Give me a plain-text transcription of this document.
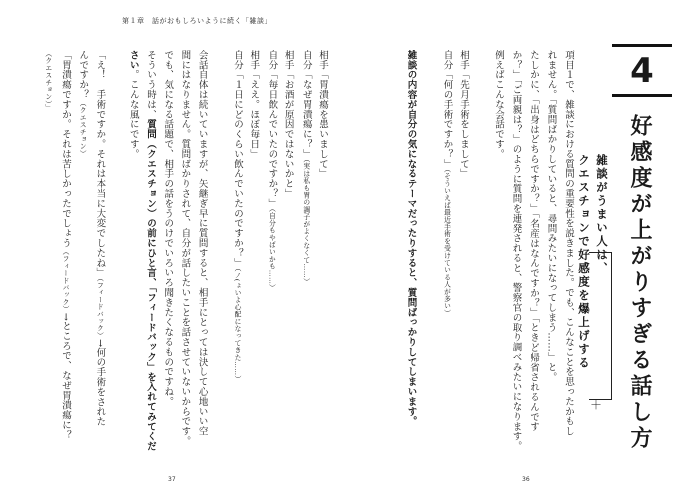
第１章　話がおもしろいように続く「雑談」
37
相手「胃潰瘍を患いまして」
自分「なぜ胃潰瘍に？」（実は私も胃の調子がよくなくて……）
相手「お酒が原因ではないかと」
自分「毎日飲んでいたのですか？」（自分もやばいかも……）
相手「ええ。ほぼ毎日」
自分「１日にどのくらい飲んでいたのですか？」（ノ(ょいよ心配になってきた……）
会話自体は続いていますが、矢継ぎ早に質問すると、相手にとっては決して心地いい空
間にはなりません。質問ばかりされて、自分が話したいことを話させていないからです。
でも、気になる話題で、相手の話をうのけでいろいろ聞きたくなるものですね。
そういう時は、質問（クエスチョン）の前にひと言、「フィードバック」を入れてみてくだ
さい。こんな風にです。
「え！　手術ですか。それは本当に大変でしたね」（フィードバック）→何の手術をされた
んですか？（クエスチョン）
「胃潰瘍ですか。それは苦しかったでしょう（フィードバック）→ところで、なぜ胃潰瘍に？
（クエスチョン）」
36
項目１で、雑談における質問の重要性を説きました。でも、こんなことを思ったかもし
れません。「質問ばかりしていると、尋問みたいになってしまう……」と。
たしかに、「出身はどちらですか？」「名産はなんですか？」「ときど帰省されるんです
か？」「ご両親は？」のように質問を連発されると、警察官の取り調べみたいになります。
例えばこんな会話です。
相手「先月手術をしまして」
自分「何の手術ですか？」（そういえば最近手術を受けている人が多い）
雑談の内容が自分の気になるテーマだったりすると、質問ばっかりしてしまいます。	4
好感度が上がりすぎる話し方
雑談がうまい人は、
クエスチョンで好感度を爆上げする
＋
